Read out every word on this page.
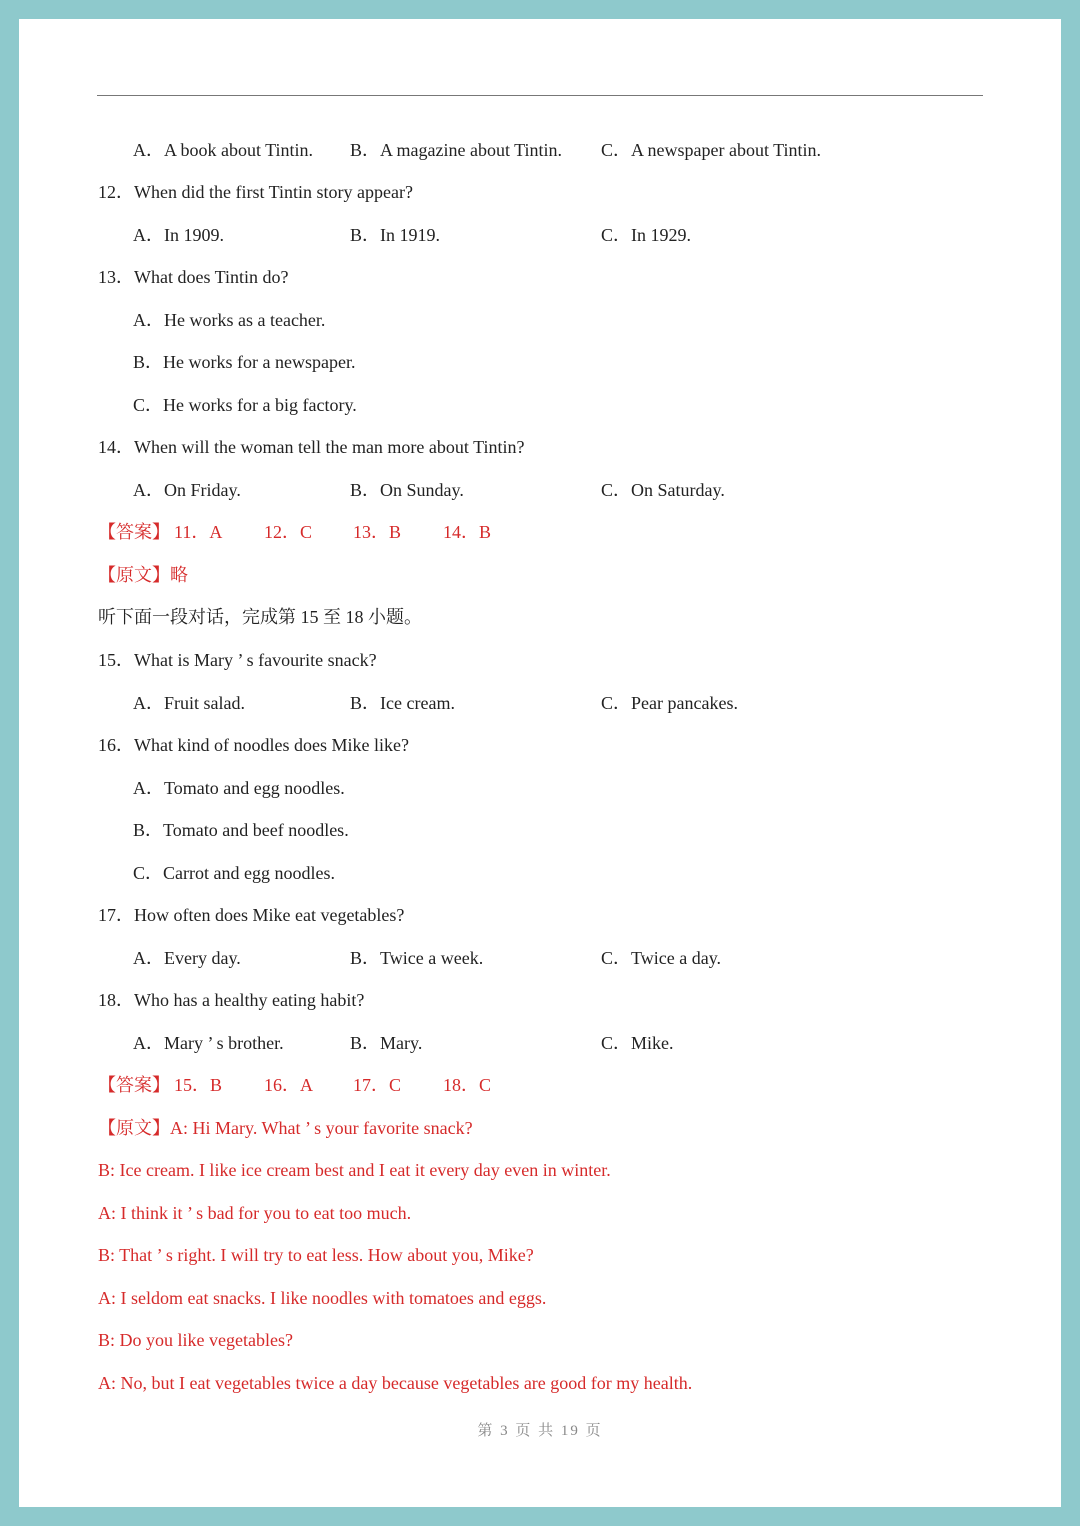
A．A book about Tintin. B．A magazine about Tintin. C．A newspaper about Tintin.
12．When did the first Tintin story appear?
A．In 1909.	B．In 1919.	C．In 1929.
13．What does Tintin do?
A．He works as a teacher.
B．He works for a newspaper.
C．He works for a big factory.
14．When will the woman tell the man more about Tintin?
A．On Friday.	B．On Sunday.	C．On Saturday.
【答案】 11．A 12．C 13．B 14．B
【原文】略
听下面一段对话，完成第 15 至 18 小题。
15．What is Mary ’ s favourite snack?
A．Fruit salad.	B．Ice cream.	C．Pear pancakes.
16．What kind of noodles does Mike like?
A．Tomato and egg noodles.
B．Tomato and beef noodles.
C．Carrot and egg noodles.
17．How often does Mike eat vegetables?
A．Every day.	B．Twice a week.	C．Twice a day.
18．Who has a healthy eating habit?
A．Mary ’ s brother.	B．Mary.	C．Mike.
【答案】 15．B 16．A 17．C 18．C
【原文】A: Hi Mary. What ’ s your favorite snack?
B: Ice cream. I like ice cream best and I eat it every day even in winter.
A: I think it ’ s bad for you to eat too much.
B: That ’ s right. I will try to eat less. How about you, Mike?
A: I seldom eat snacks. I like noodles with tomatoes and eggs.
B: Do you like vegetables?
A: No, but I eat vegetables twice a day because vegetables are good for my health.
第 3 页 共 19 页
